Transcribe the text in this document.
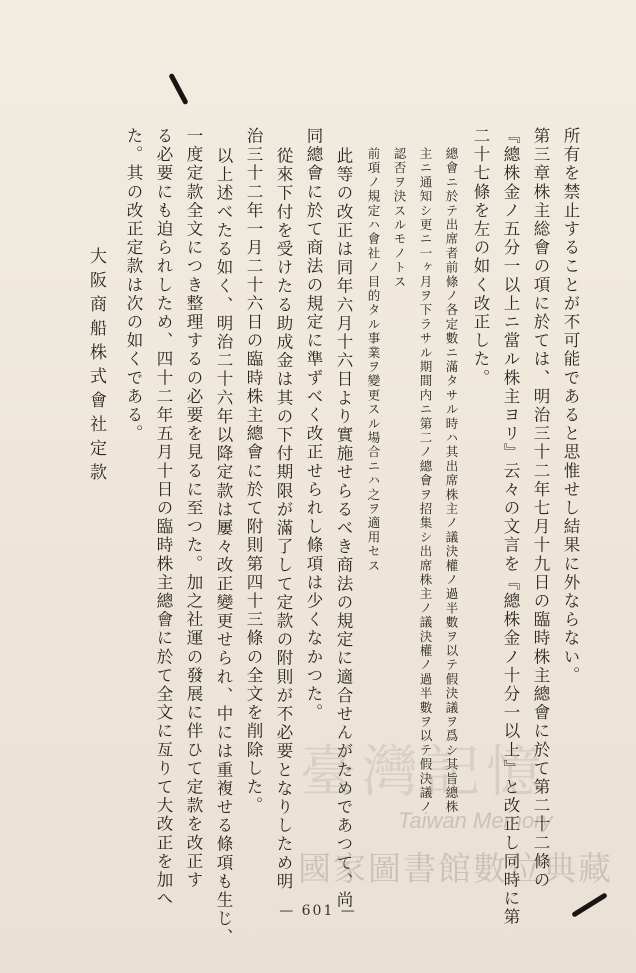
所有を禁止することが不可能であると思惟せし結果に外ならない。
第三章株主総會の項に於ては、明治三十二年七月十九日の臨時株主總會に於て第二十二條の
『總株金ノ五分一以上ニ當ル株主ヨリ』云々の文言を『總株金ノ十分一以上』と改正し同時に第
二十七條を左の如く改正した。
總會ニ於テ出席者前條ノ各定數ニ滿タサル時ハ其出席株主ノ議決權ノ過半數ヲ以テ假決議ヲ爲シ其旨總株
主ニ通知シ更ニ一ヶ月ヲ下ラサル期間内ニ第二ノ總會ヲ招集シ出席株主ノ議決權ノ過半數ヲ以テ假決議ノ
認否ヲ決スルモノトス
前項ノ規定ハ會社ノ目的タル事業ヲ變更スル場合ニハ之ヲ適用セス
此等の改正は同年六月十六日より實施せらるべき商法の規定に適合せんがためであつて、尚
同總會に於て商法の規定に準ずべく改正せられし條項は少くなかつた。
從來下付を受けたる助成金は其の下付期限が滿了して定款の附則が不必要となりしため明
治三十二年一月二十六日の臨時株主總會に於て附則第四十三條の全文を削除した。
以上述べたる如く、明治二十六年以降定款は屢々改正變更せられ、中には重複せる條項も生じ、
一度定款全文につき整理するの必要を見るに至つた。加之社運の發展に伴ひて定款を改正す
る必要にも迫られしため、四十二年五月十日の臨時株主總會に於て全文に亙りて大改正を加へ
た。其の改正定款は次の如くである。
大阪商船株式會社定款
臺灣記憶
Taiwan Memory
國家圖書館數位典藏
— 601 —
